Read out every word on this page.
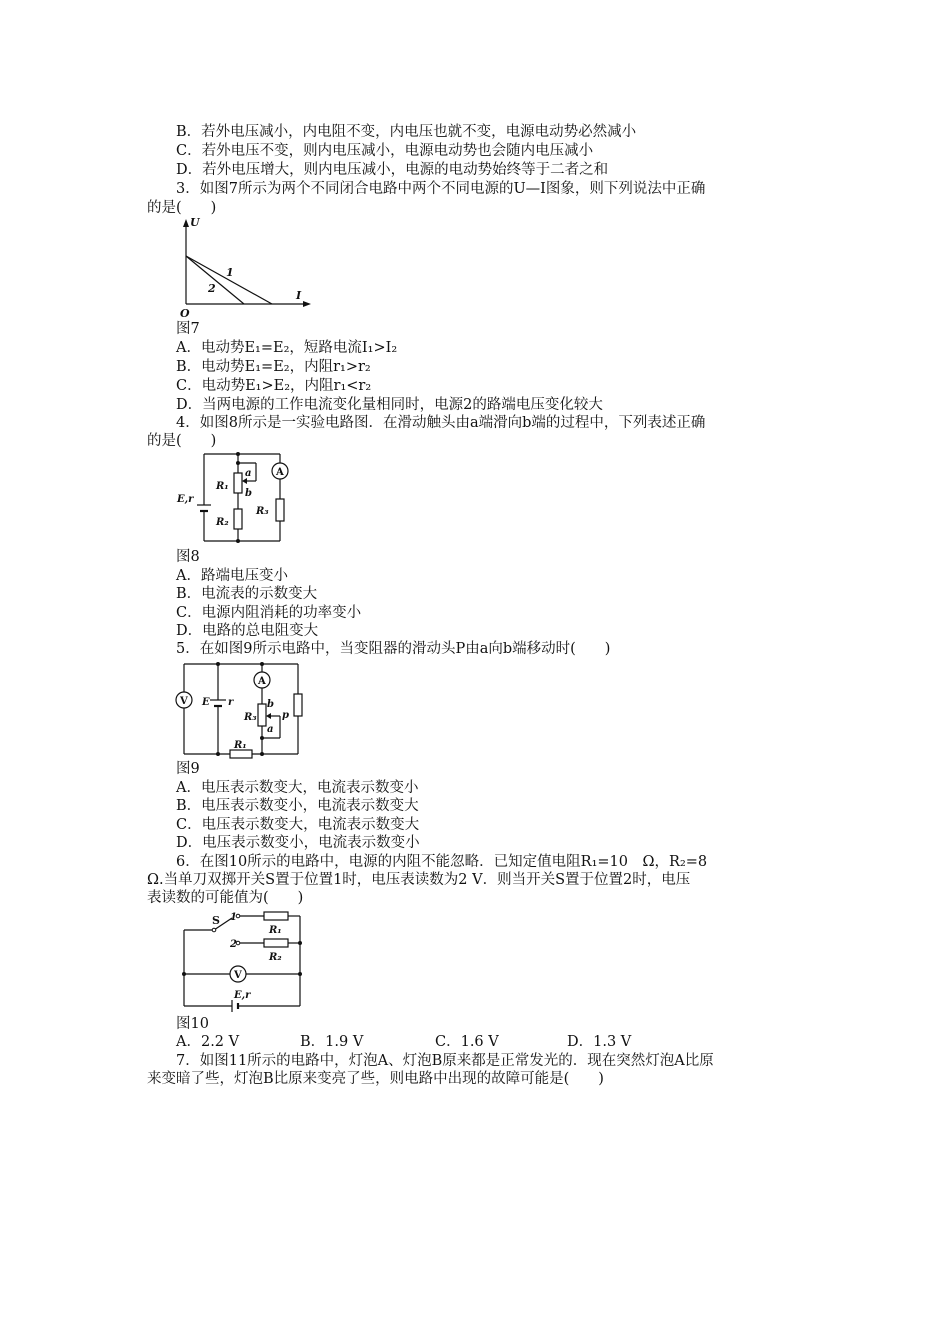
B．若外电压减小，内电阻不变，内电压也就不变，电源电动势必然减小
C．若外电压不变，则内电压减小，电源电动势也会随内电压减小
D．若外电压增大，则内电压减小，电源的电动势始终等于二者之和
3．如图7所示为两个不同闭合电路中两个不同电源的U—I图象，则下列说法中正确
的是(　　)
U
I
O
1
2
图7
A．电动势E₁=E₂，短路电流I₁>I₂
B．电动势E₁=E₂，内阻r₁>r₂
C．电动势E₁>E₂，内阻r₁<r₂
D．当两电源的工作电流变化量相同时，电源2的路端电压变化较大
4．如图8所示是一实验电路图．在滑动触头由a端滑向b端的过程中，下列表述正确
的是(　　)
E,r
a
b
R₁
R₂
A
R₃
图8
A．路端电压变小
B．电流表的示数变大
C．电源内阻消耗的功率变小
D．电路的总电阻变大
5．在如图9所示电路中，当变阻器的滑动头P由a向b端移动时(　　)
R₁
V E r
A
R₃
b
a
p
图9
A．电压表示数变大，电流表示数变小
B．电压表示数变小，电流表示数变大
C．电压表示数变大，电流表示数变大
D．电压表示数变小，电流表示数变小
6．在图10所示的电路中，电源的内阻不能忽略．已知定值电阻R₁=10　Ω，R₂=8
Ω.当单刀双掷开关S置于位置1时，电压表读数为2 V．则当开关S置于位置2时，电压
表读数的可能值为(　　)
S 1
2
R₁
R₂
V
E,r
图10
A．2.2 V	B．1.9 V	C．1.6 V	D．1.3 V
7．如图11所示的电路中，灯泡A、灯泡B原来都是正常发光的．现在突然灯泡A比原
来变暗了些，灯泡B比原来变亮了些，则电路中出现的故障可能是(　　)
